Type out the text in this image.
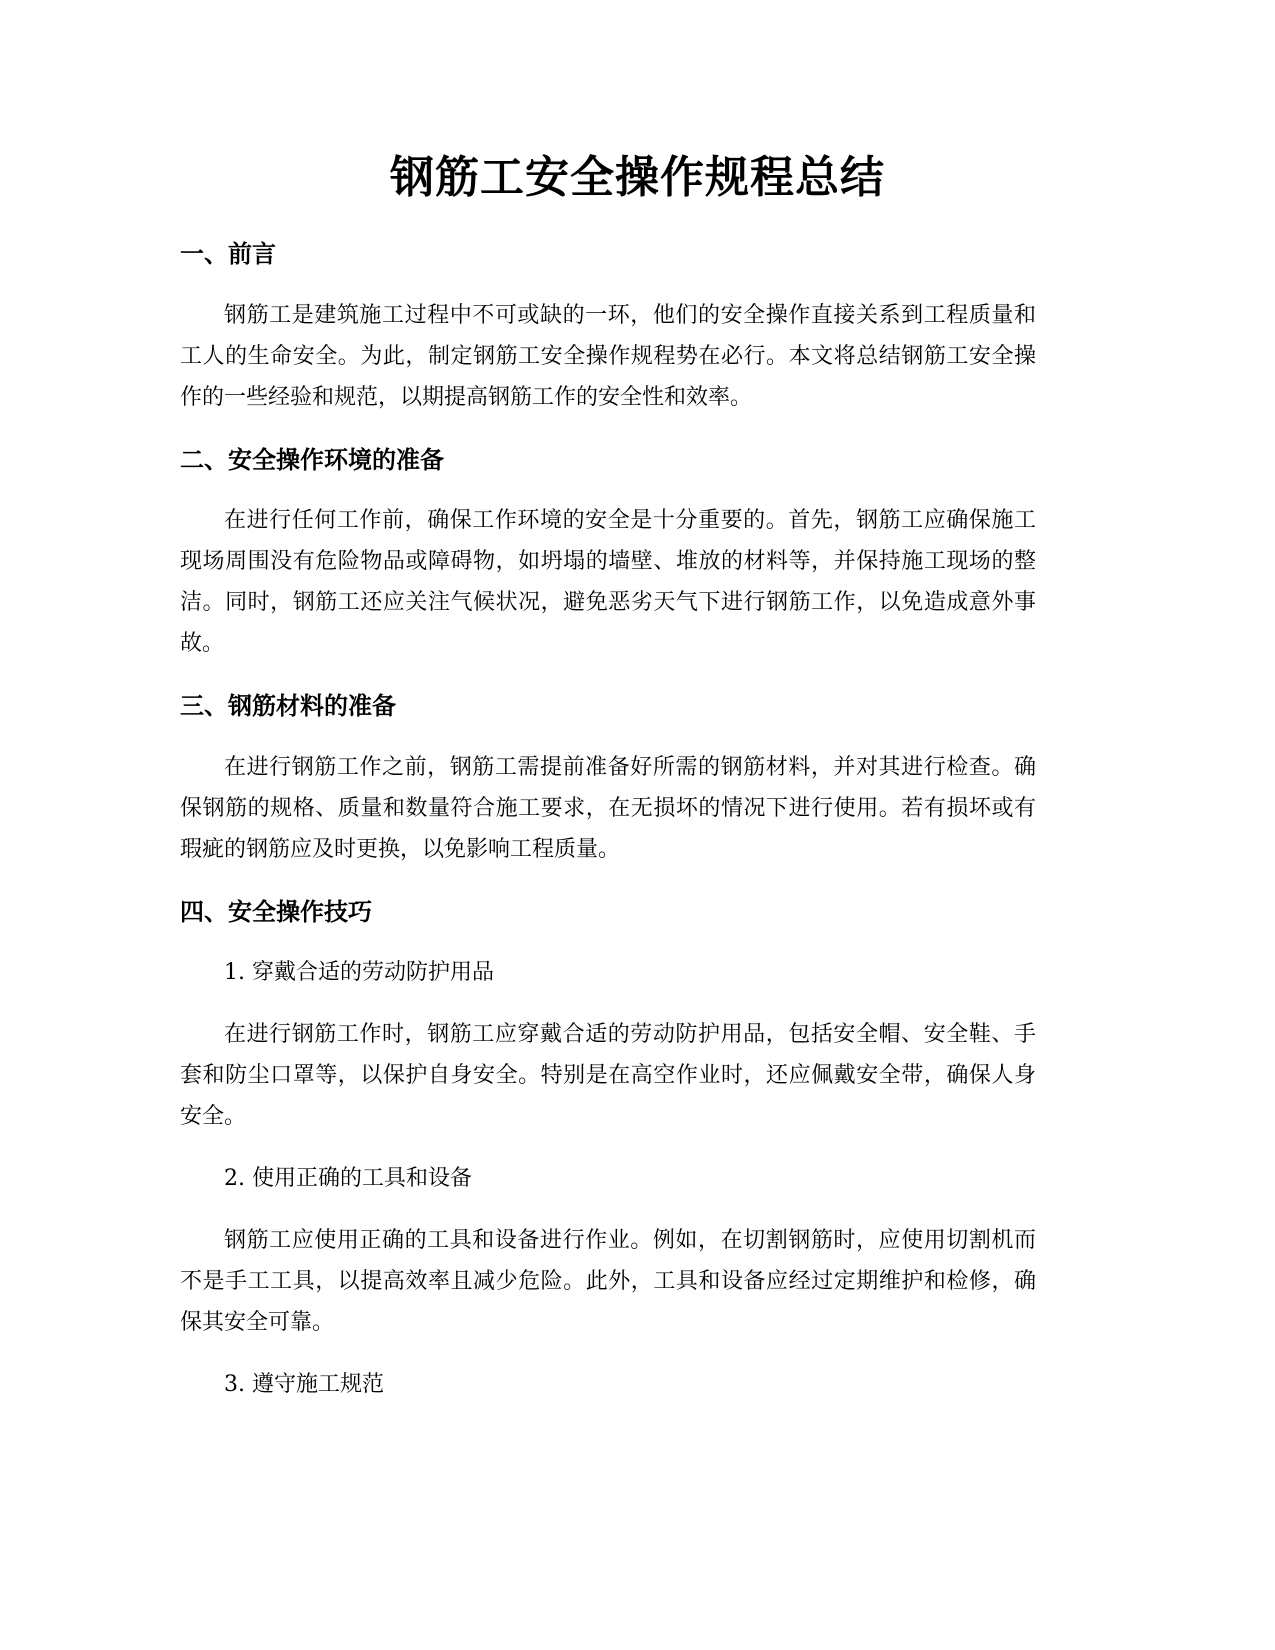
钢筋工安全操作规程总结
一、前言

钢筋工是建筑施工过程中不可或缺的一环，他们的安全操作直接关系到工程质量和工人的生命安全。为此，制定钢筋工安全操作规程势在必行。本文将总结钢筋工安全操作的一些经验和规范，以期提高钢筋工作的安全性和效率。

二、安全操作环境的准备

在进行任何工作前，确保工作环境的安全是十分重要的。首先，钢筋工应确保施工现场周围没有危险物品或障碍物，如坍塌的墙壁、堆放的材料等，并保持施工现场的整洁。同时，钢筋工还应关注气候状况，避免恶劣天气下进行钢筋工作，以免造成意外事故。

三、钢筋材料的准备

在进行钢筋工作之前，钢筋工需提前准备好所需的钢筋材料，并对其进行检查。确保钢筋的规格、质量和数量符合施工要求，在无损坏的情况下进行使用。若有损坏或有瑕疵的钢筋应及时更换，以免影响工程质量。

四、安全操作技巧
1. 穿戴合适的劳动防护用品

在进行钢筋工作时，钢筋工应穿戴合适的劳动防护用品，包括安全帽、安全鞋、手套和防尘口罩等，以保护自身安全。特别是在高空作业时，还应佩戴安全带，确保人身安全。

2. 使用正确的工具和设备

钢筋工应使用正确的工具和设备进行作业。例如，在切割钢筋时，应使用切割机而不是手工工具，以提高效率且减少危险。此外，工具和设备应经过定期维护和检修，确保其安全可靠。

3. 遵守施工规范
